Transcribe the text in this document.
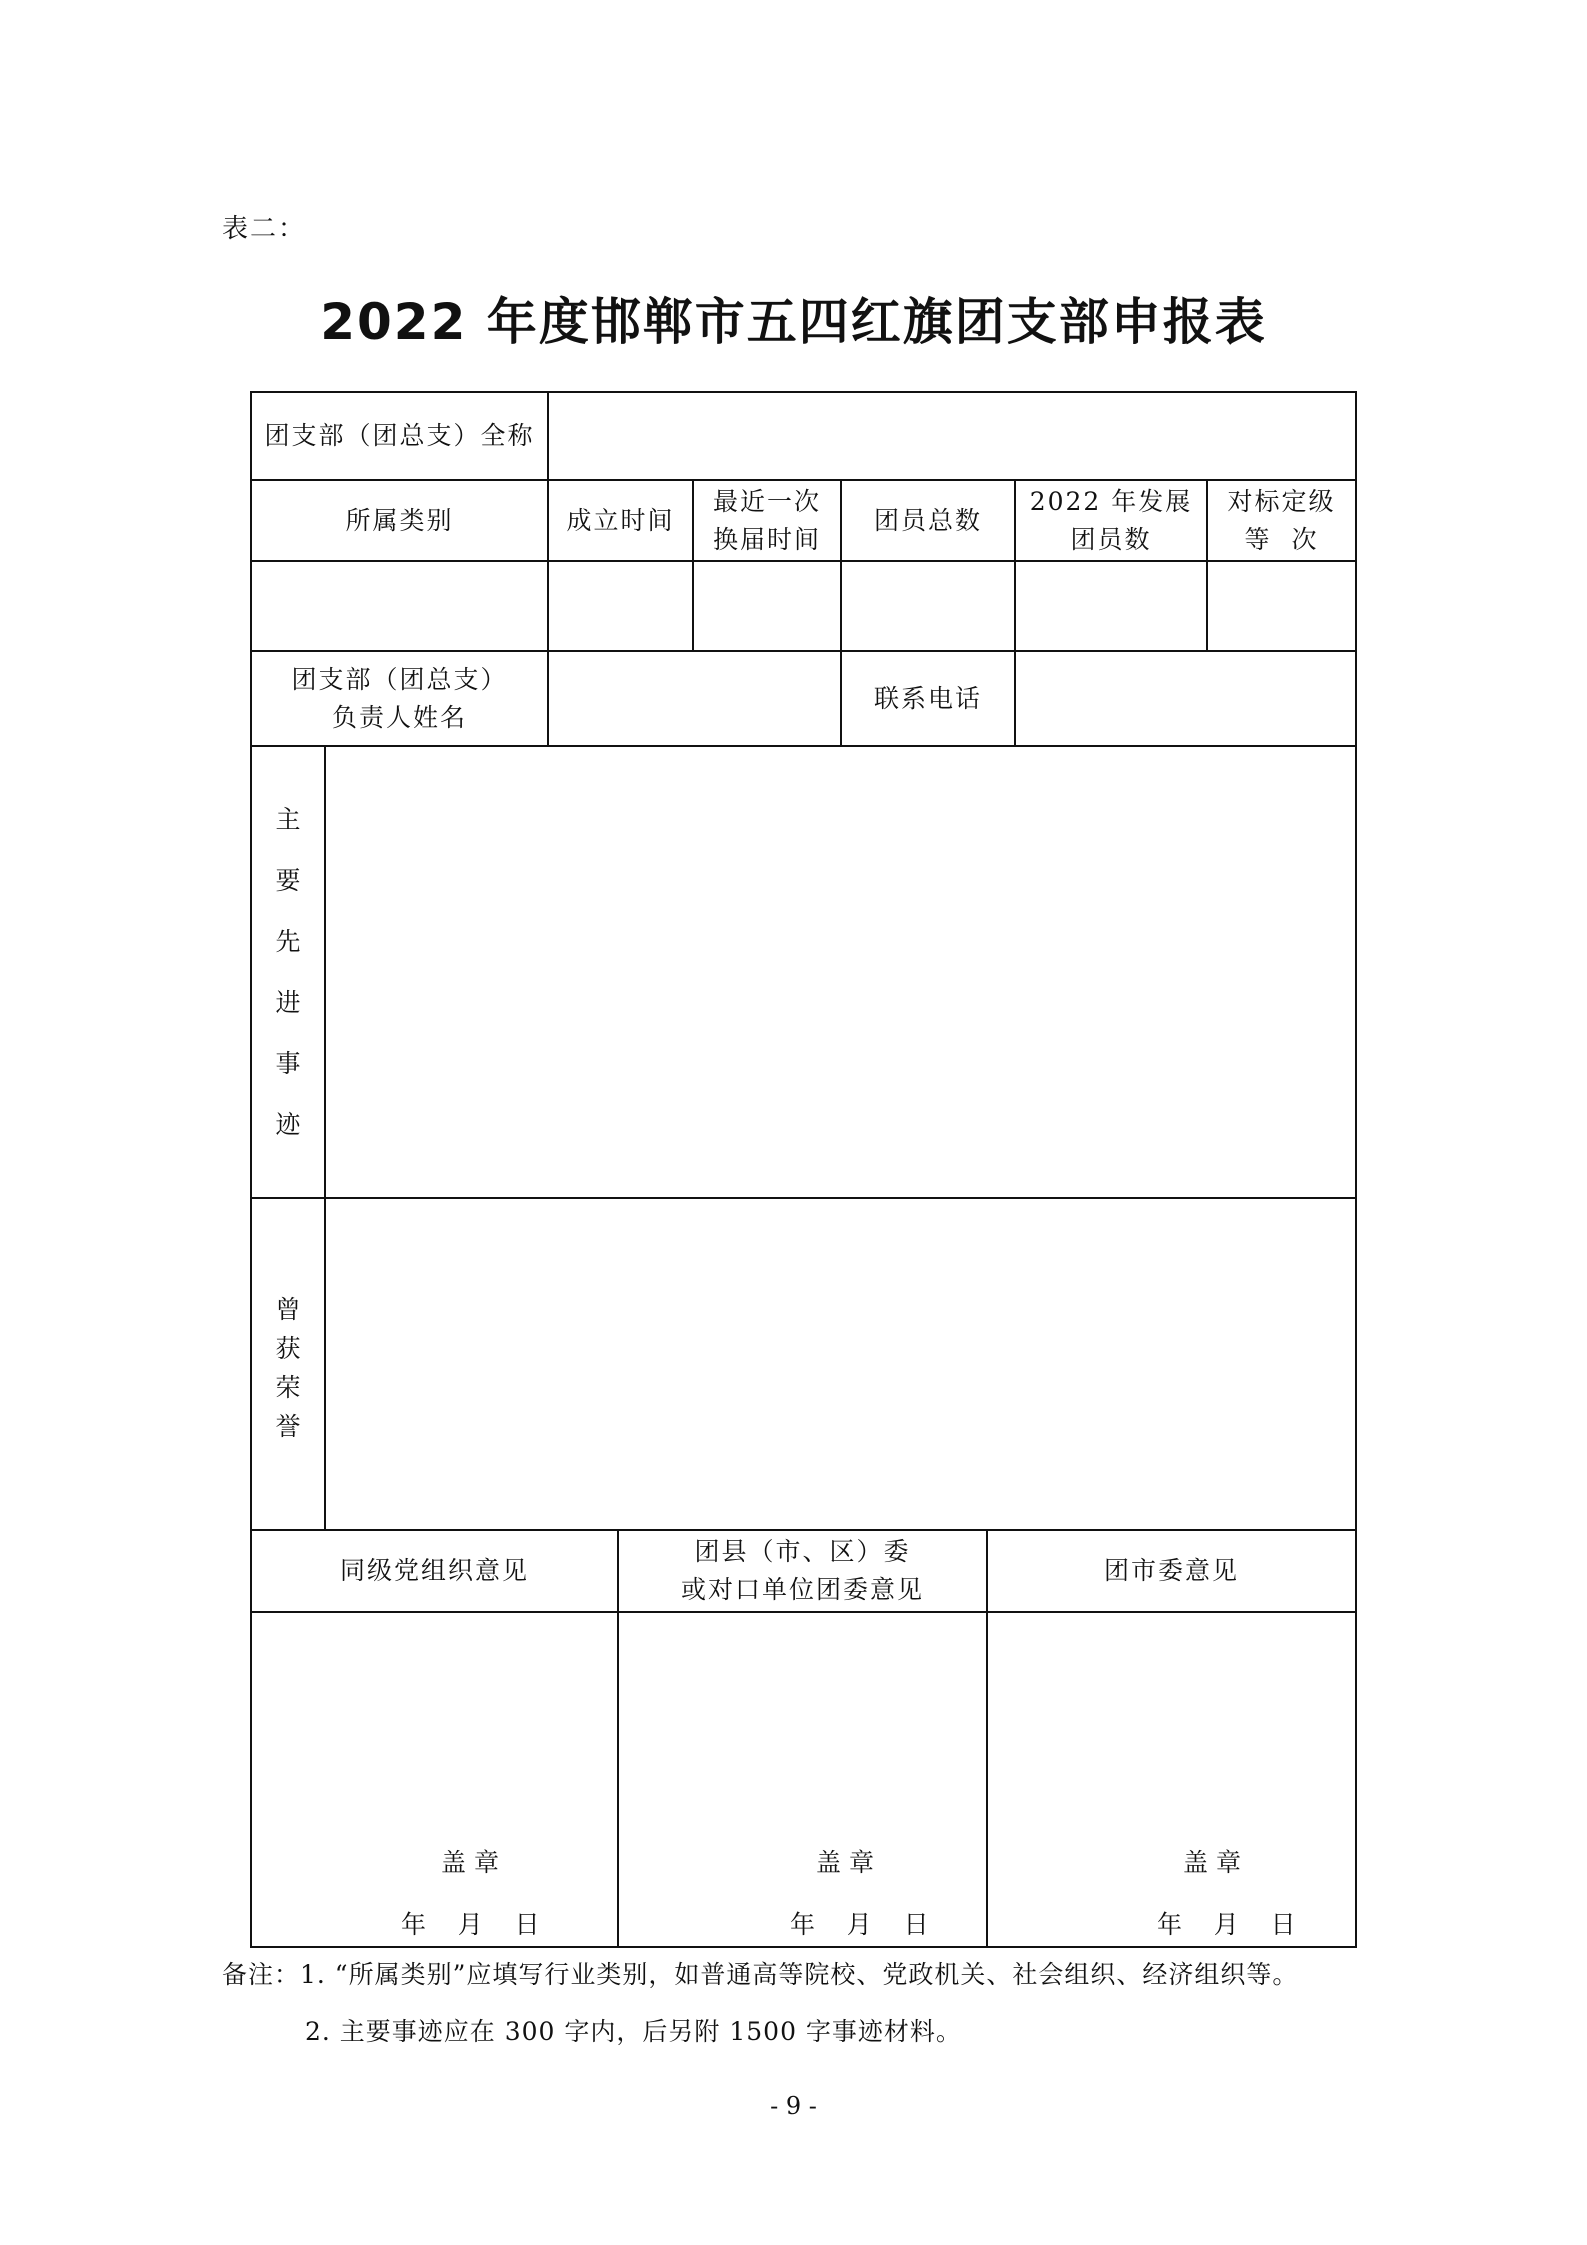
表二：
2022 年度邯郸市五四红旗团支部申报表
团支部（团总支）全称
所属类别	成立时间
最近一次
换届时间
团员总数
2022 年发展
团员数
对标定级
等  次
团支部（团总支）
负责人姓名
联系电话
主
要
先
进
事
迹
曾
获
荣
誉
同级党组织意见
团县（市、区）委
或对口单位团委意见
团市委意见
盖 章
年    月    日
盖 章
年    月    日
盖 章
年    月    日
备注：1. “所属类别”应填写行业类别，如普通高等院校、党政机关、社会组织、经济组织等。
2. 主要事迹应在 300 字内，后另附 1500 字事迹材料。
- 9 -
